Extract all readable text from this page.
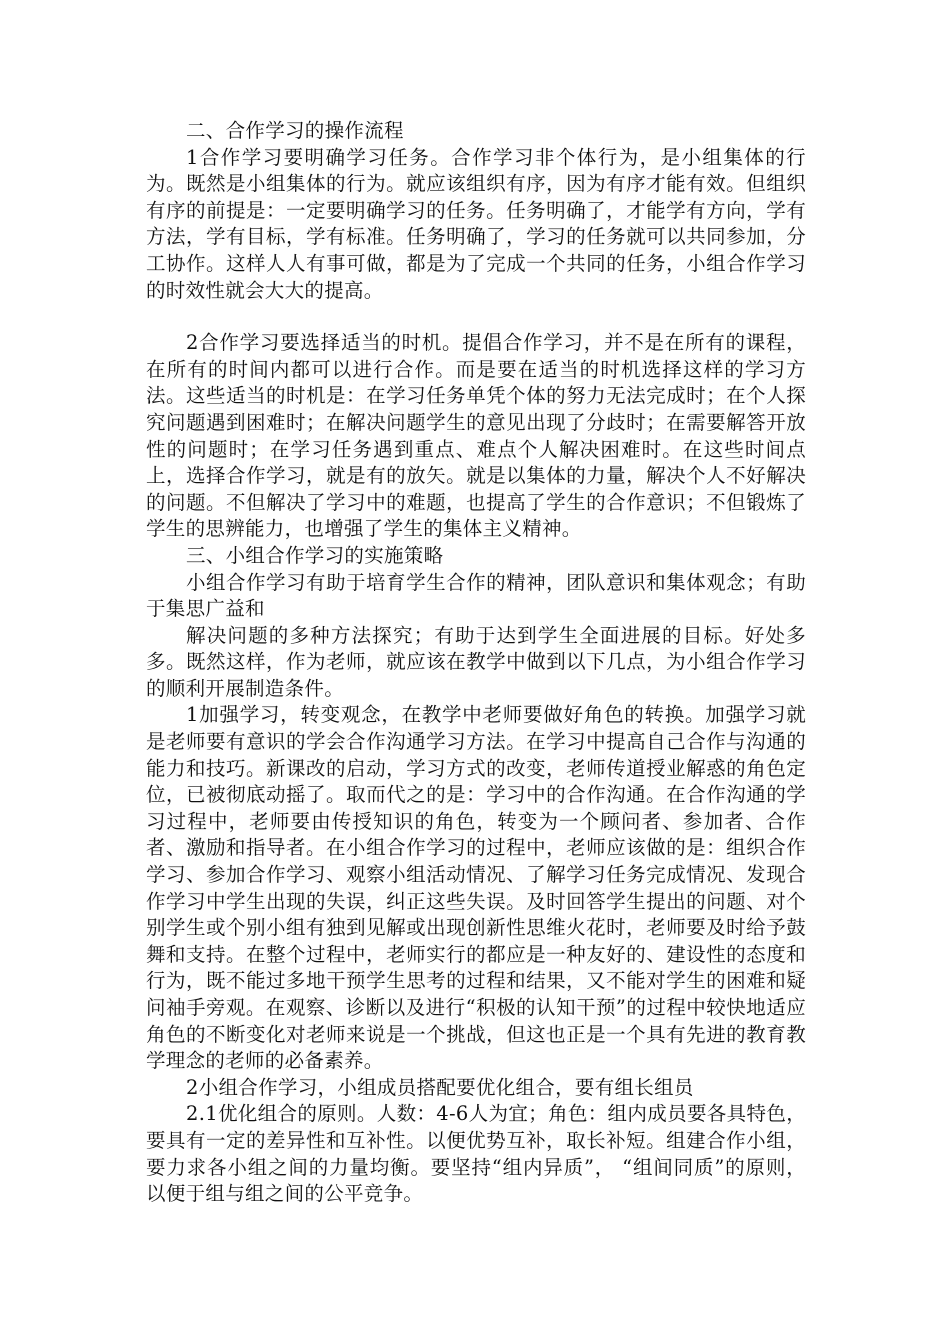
二、合作学习的操作流程

1合作学习要明确学习任务。合作学习非个体行为，是小组集体的行为。既然是小组集体的行为。就应该组织有序，因为有序才能有效。但组织有序的前提是：一定要明确学习的任务。任务明确了，才能学有方向，学有方法，学有目标，学有标准。任务明确了，学习的任务就可以共同参加，分工协作。这样人人有事可做，都是为了完成一个共同的任务，小组合作学习的时效性就会大大的提高。

2合作学习要选择适当的时机。提倡合作学习，并不是在所有的课程，在所有的时间内都可以进行合作。而是要在适当的时机选择这样的学习方法。这些适当的时机是：在学习任务单凭个体的努力无法完成时；在个人探究问题遇到困难时；在解决问题学生的意见出现了分歧时；在需要解答开放性的问题时；在学习任务遇到重点、难点个人解决困难时。在这些时间点上，选择合作学习，就是有的放矢。就是以集体的力量，解决个人不好解决的问题。不但解决了学习中的难题，也提高了学生的合作意识；不但锻炼了学生的思辨能力，也增强了学生的集体主义精神。

三、小组合作学习的实施策略

小组合作学习有助于培育学生合作的精神，团队意识和集体观念；有助于集思广益和

解决问题的多种方法探究；有助于达到学生全面进展的目标。好处多多。既然这样，作为老师，就应该在教学中做到以下几点，为小组合作学习的顺利开展制造条件。

1加强学习，转变观念，在教学中老师要做好角色的转换。加强学习就是老师要有意识的学会合作沟通学习方法。在学习中提高自己合作与沟通的能力和技巧。新课改的启动，学习方式的改变，老师传道授业解惑的角色定位，已被彻底动摇了。取而代之的是：学习中的合作沟通。在合作沟通的学习过程中，老师要由传授知识的角色，转变为一个顾问者、参加者、合作者、激励和指导者。在小组合作学习的过程中，老师应该做的是：组织合作学习、参加合作学习、观察小组活动情况、了解学习任务完成情况、发现合作学习中学生出现的失误，纠正这些失误。及时回答学生提出的问题、对个别学生或个别小组有独到见解或出现创新性思维火花时，老师要及时给予鼓舞和支持。在整个过程中，老师实行的都应是一种友好的、建设性的态度和行为，既不能过多地干预学生思考的过程和结果，又不能对学生的困难和疑问袖手旁观。在观察、诊断以及进行“积极的认知干预”的过程中较快地适应角色的不断变化对老师来说是一个挑战，但这也正是一个具有先进的教育教学理念的老师的必备素养。

2小组合作学习，小组成员搭配要优化组合，要有组长组员

2.1优化组合的原则。人数：4-6人为宜；角色：组内成员要各具特色，要具有一定的差异性和互补性。以便优势互补，取长补短。组建合作小组，要力求各小组之间的力量均衡。要坚持“组内异质”， “组间同质”的原则，以便于组与组之间的公平竞争。
